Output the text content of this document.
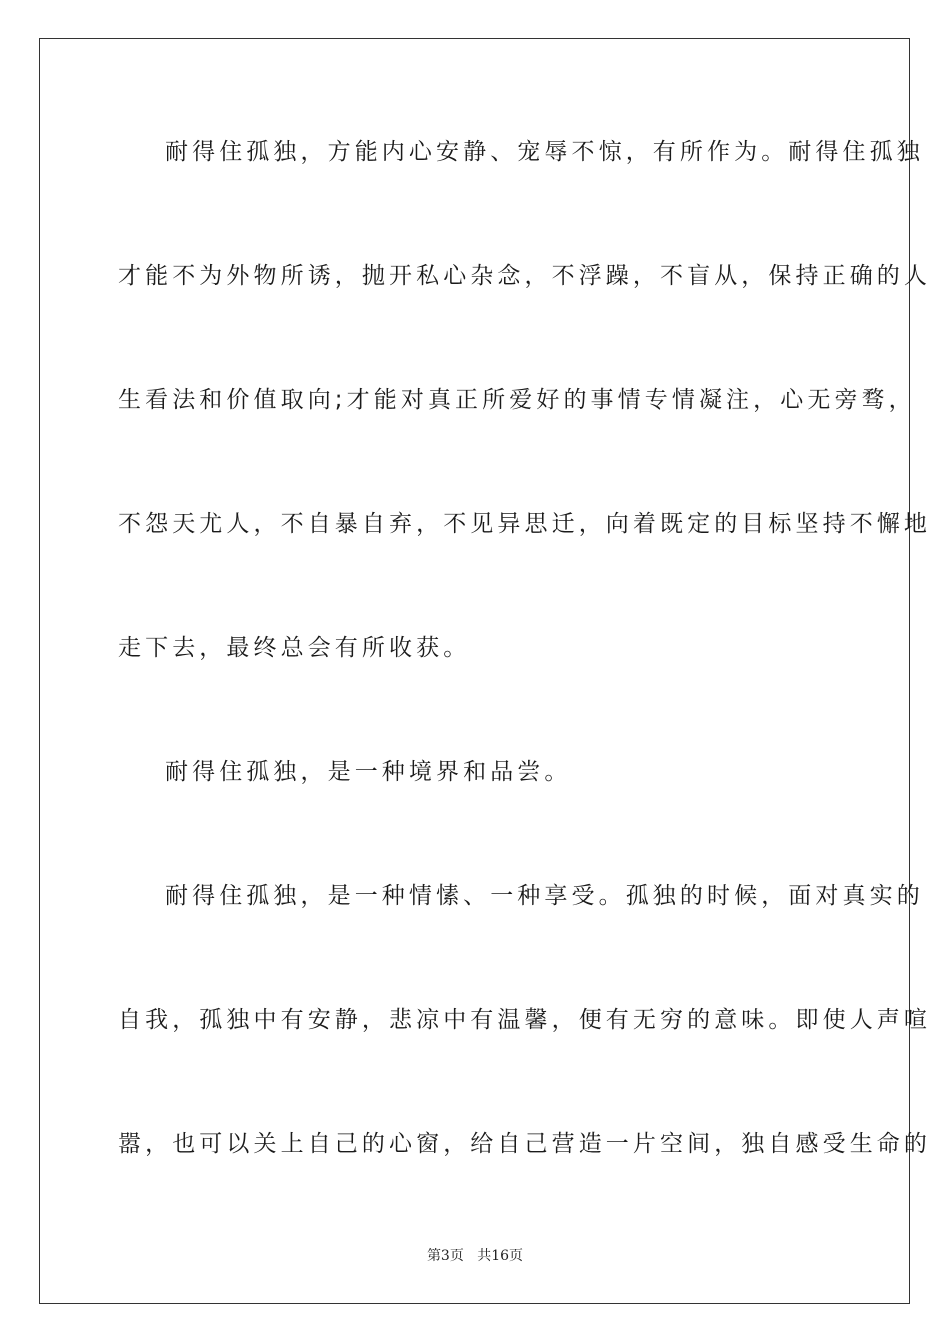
耐得住孤独，方能内心安静、宠辱不惊，有所作为。耐得住孤独
才能不为外物所诱，抛开私心杂念，不浮躁，不盲从，保持正确的人
生看法和价值取向;才能对真正所爱好的事情专情凝注，心无旁骛，
不怨天尤人，不自暴自弃，不见异思迁，向着既定的目标坚持不懈地
走下去，最终总会有所收获。
耐得住孤独，是一种境界和品尝。
耐得住孤独，是一种情愫、一种享受。孤独的时候，面对真实的
自我，孤独中有安静，悲凉中有温馨，便有无穷的意味。即使人声喧
嚣，也可以关上自己的心窗，给自己营造一片空间，独自感受生命的
第3页 共16页
